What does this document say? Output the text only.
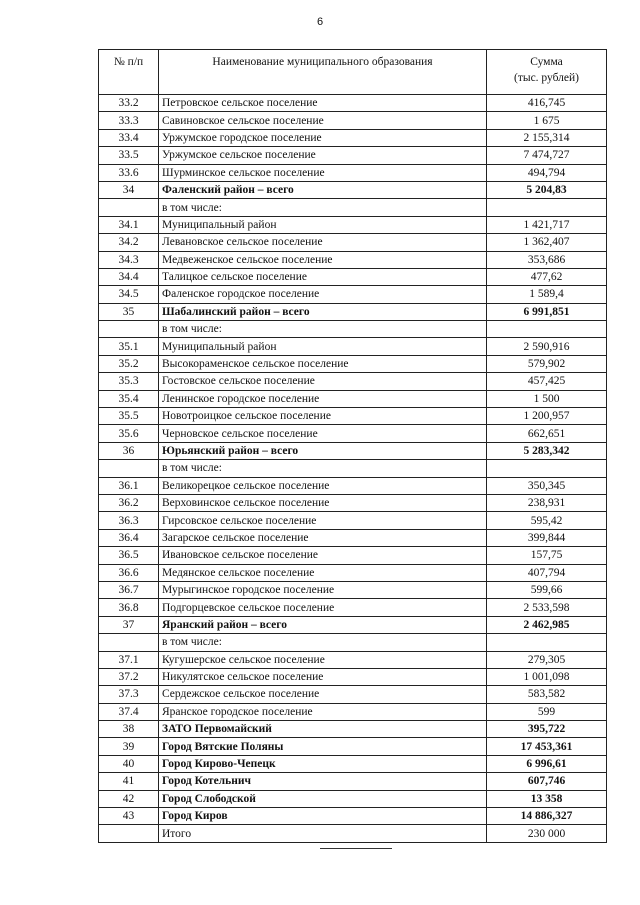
6
№ п/п	Наименование муниципального образования	Сумма
(тыс. рублей)

33.2	Петровское сельское поселение	416,745
33.3	Савиновское сельское поселение	1 675
33.4	Уржумское городское поселение	2 155,314
33.5	Уржумское сельское поселение	7 474,727
33.6	Шурминское сельское поселение	494,794
34	Фаленский район – всего	5 204,83
	в том числе:	
34.1	Муниципальный район	1 421,717
34.2	Левановское сельское поселение	1 362,407
34.3	Медвеженское сельское поселение	353,686
34.4	Талицкое сельское поселение	477,62
34.5	Фаленское городское поселение	1 589,4
35	Шабалинский район – всего	6 991,851
	в том числе:	
35.1	Муниципальный район	2 590,916
35.2	Высокораменское сельское поселение	579,902
35.3	Гостовское сельское поселение	457,425
35.4	Ленинское городское поселение	1 500
35.5	Новотроицкое сельское поселение	1 200,957
35.6	Черновское сельское поселение	662,651
36	Юрьянский район – всего	5 283,342
	в том числе:	
36.1	Великорецкое сельское поселение	350,345
36.2	Верховинское сельское поселение	238,931
36.3	Гирсовское сельское поселение	595,42
36.4	Загарское сельское поселение	399,844
36.5	Ивановское сельское поселение	157,75
36.6	Медянское сельское поселение	407,794
36.7	Мурыгинское городское поселение	599,66
36.8	Подгорцевское сельское поселение	2 533,598
37	Яранский район – всего	2 462,985
	в том числе:	
37.1	Кугушерское сельское поселение	279,305
37.2	Никулятское сельское поселение	1 001,098
37.3	Сердежское сельское поселение	583,582
37.4	Яранское городское поселение	599
38	ЗАТО Первомайский	395,722
39	Город Вятские Поляны	17 453,361
40	Город Кирово-Чепецк	6 996,61
41	Город Котельнич	607,746
42	Город Слободской	13 358
43	Город Киров	14 886,327
	Итого	230 000
